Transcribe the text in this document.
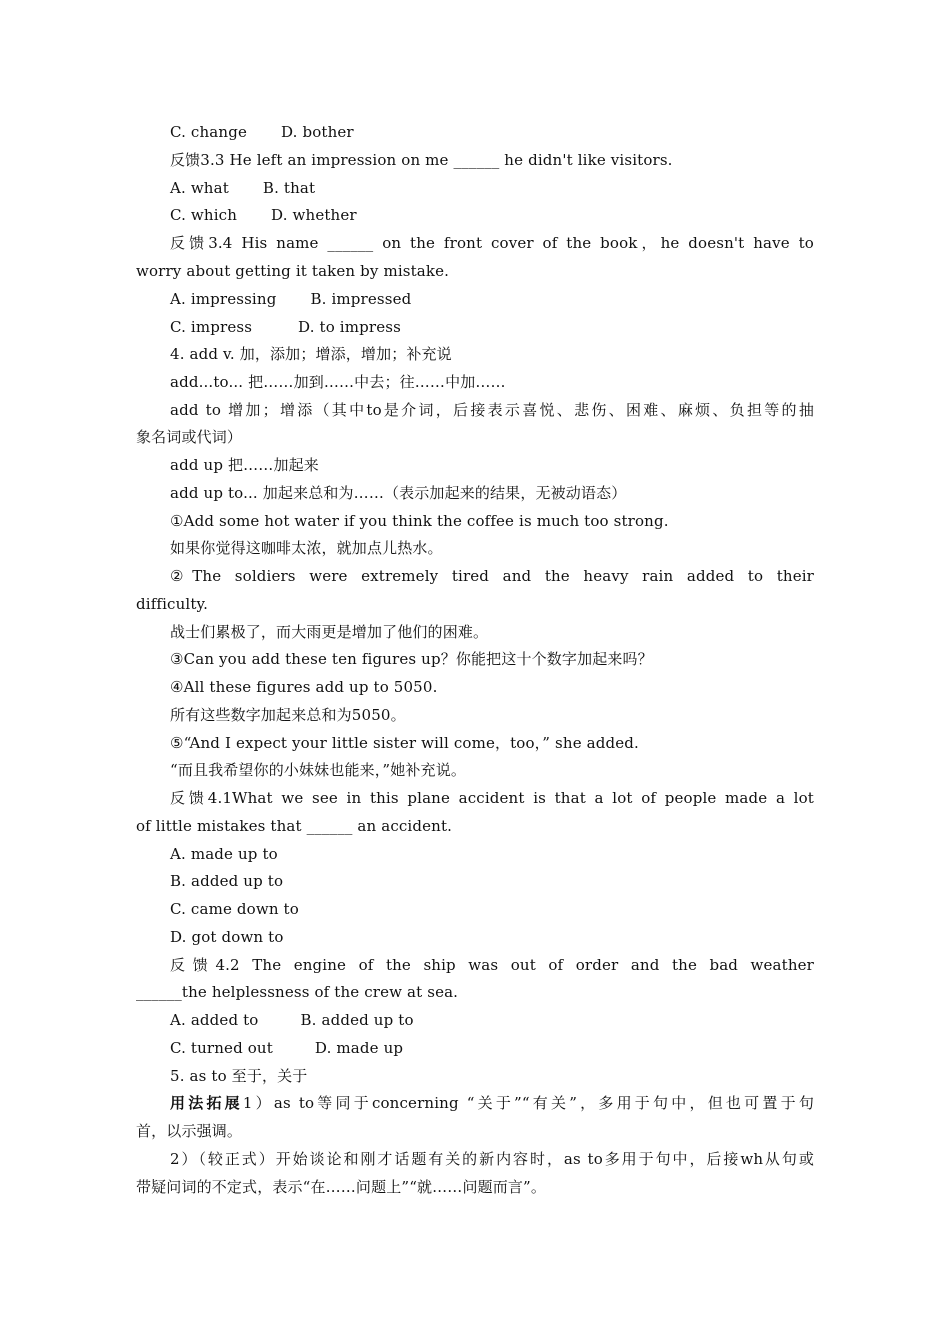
C. change D. bother
反馈3.3 He left an impression on me ______ he didn't like visitors.
A. what B. that
C. which D. whether
反馈3.4 His name ______ on the front cover of the book，he doesn't have to
worry about getting it taken by mistake.
A. impressing B. impressed
C. impress	D. to impress
4. add v. 加，添加；增添，增加；补充说
add...to... 把……加到……中去；往……中加……
add to 增加；增添（其中to是介词，后接表示喜悦、悲伤、困难、麻烦、负担等的抽
象名词或代词）
add up 把……加起来
add up to... 加起来总和为……（表示加起来的结果，无被动语态）
①Add some hot water if you think the coffee is much too strong.
如果你觉得这咖啡太浓，就加点儿热水。
②The soldiers were extremely tired and the heavy rain added to their
difficulty.
战士们累极了，而大雨更是增加了他们的困难。
③Can you add these ten figures up？你能把这十个数字加起来吗？
④All these figures add up to 5050.
所有这些数字加起来总和为5050。
⑤“And I expect your little sister will come，too，” she added.
“而且我希望你的小妹妹也能来，”她补充说。
反馈4.1What we see in this plane accident is that a lot of people made a lot
of little mistakes that ______ an accident.
A. made up to
B. added up to
C. came down to
D. got down to
反馈4.2 The engine of the ship was out of order and the bad weather
______the helplessness of the crew at sea.
A. added to	B. added up to
C. turned out	D. made up
5. as to 至于，关于
用法拓展1）as to等同于concerning “关于”“有关”，多用于句中，但也可置于句
首，以示强调。
2）（较正式）开始谈论和刚才话题有关的新内容时，as to多用于句中，后接wh从句或
带疑问词的不定式，表示“在……问题上”“就……问题而言”。
